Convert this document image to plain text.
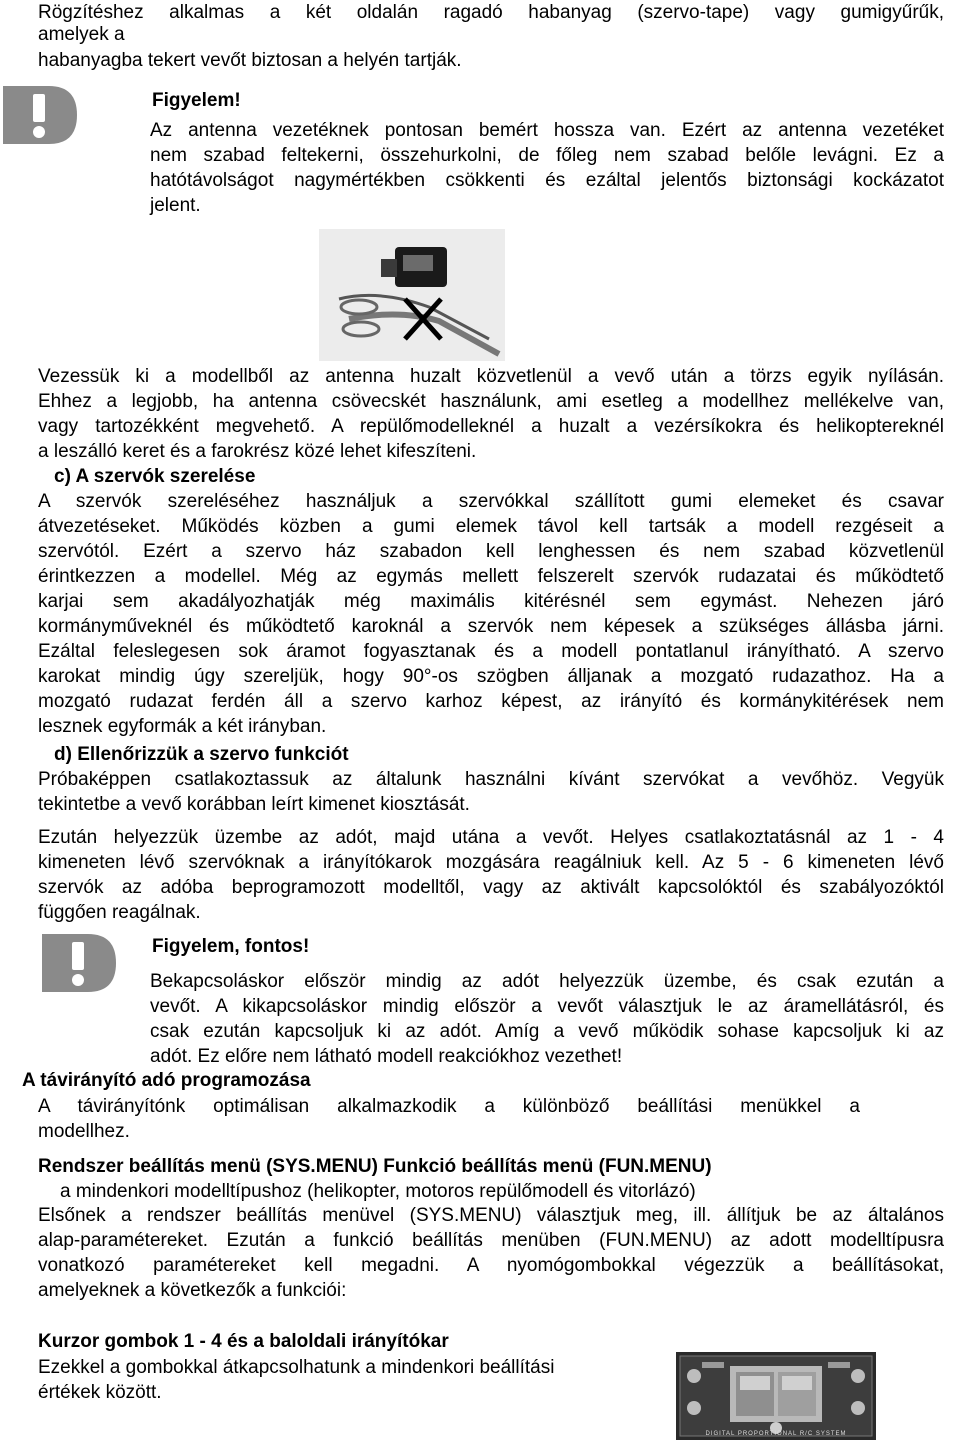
Rögzítéshez alkalmas a két oldalán ragadó habanyag (szervo-tape) vagy gumigyűrűk,
amelyek a
habanyagba tekert vevőt biztosan a helyén tartják.
Figyelem!
Az antenna vezetéknek pontosan bemért hossza van. Ezért az antenna vezetéket
nem szabad feltekerni, összehurkolni, de főleg nem szabad belőle levágni. Ez a
hatótávolságot nagymértékben csökkenti és ezáltal jelentős biztonsági kockázatot
jelent.
Vezessük ki a modellből az antenna huzalt közvetlenül a vevő után a törzs egyik nyílásán.
Ehhez a legjobb, ha antenna csövecskét használunk, ami esetleg a modellhez mellékelve van,
vagy tartozékként megvehető. A repülőmodelleknél a huzalt a vezérsíkokra és helikoptereknél
a leszálló keret és a farokrész közé lehet kifeszíteni.
c) A szervók szerelése
A szervók szereléséhez használjuk a szervókkal szállított gumi elemeket és csavar
átvezetéseket. Működés közben a gumi elemek távol kell tartsák a modell rezgéseit a
szervótól. Ezért a szervo ház szabadon kell lenghessen és nem szabad közvetlenül
érintkezzen a modellel. Még az egymás mellett felszerelt szervók rudazatai és működtető
karjai sem akadályozhatják még maximális kitérésnél sem egymást. Nehezen járó
kormányműveknél és működtető karoknál a szervók nem képesek a szükséges állásba járni.
Ezáltal feleslegesen sok áramot fogyasztanak és a modell pontatlanul irányítható. A szervo
karokat mindig úgy szereljük, hogy 90°-os szögben álljanak a mozgató rudazathoz. Ha a
mozgató rudazat ferdén áll a szervo karhoz képest, az irányító és kormánykitérések nem
lesznek egyformák a két irányban.
d) Ellenőrizzük a szervo funkciót
Próbaképpen csatlakoztassuk az általunk használni kívánt szervókat a vevőhöz. Vegyük
tekintetbe a vevő korábban leírt kimenet kiosztását.
Ezután helyezzük üzembe az adót, majd utána a vevőt. Helyes csatlakoztatásnál az 1 - 4
kimeneten lévő szervóknak a irányítókarok mozgására reagálniuk kell. Az 5 - 6 kimeneten lévő
szervók az adóba beprogramozott modelltől, vagy az aktivált kapcsolóktól és szabályozóktól
függően reagálnak.
Figyelem, fontos!
Bekapcsoláskor először mindig az adót helyezzük üzembe, és csak ezután a
vevőt. A kikapcsoláskor mindig először a vevőt választjuk le az áramellátásról, és
csak ezután kapcsoljuk ki az adót. Amíg a vevő működik sohase kapcsoljuk ki az
adót. Ez előre nem látható modell reakciókhoz vezethet!
A távirányító adó programozása
A távirányítónk optimálisan alkalmazkodik a különböző beállítási menükkel a
modellhez.
Rendszer beállítás menü (SYS.MENU) Funkció beállítás menü (FUN.MENU)
a mindenkori modelltípushoz (helikopter, motoros repülőmodell és vitorlázó)
Elsőnek a rendszer beállítás menüvel (SYS.MENU) választjuk meg, ill. állítjuk be az általános
alap-paramétereket. Ezután a funkció beállítás menüben (FUN.MENU) az adott modelltípusra
vonatkozó paramétereket kell megadni. A nyomógombokkal végezzük a beállításokat,
amelyeknek a következők a funkciói:
Kurzor gombok 1 - 4 és a baloldali irányítókar
Ezekkel a gombokkal átkapcsolhatunk a mindenkori beállítási
értékek között.
DIGITAL PROPORTIONAL R/C SYSTEM
